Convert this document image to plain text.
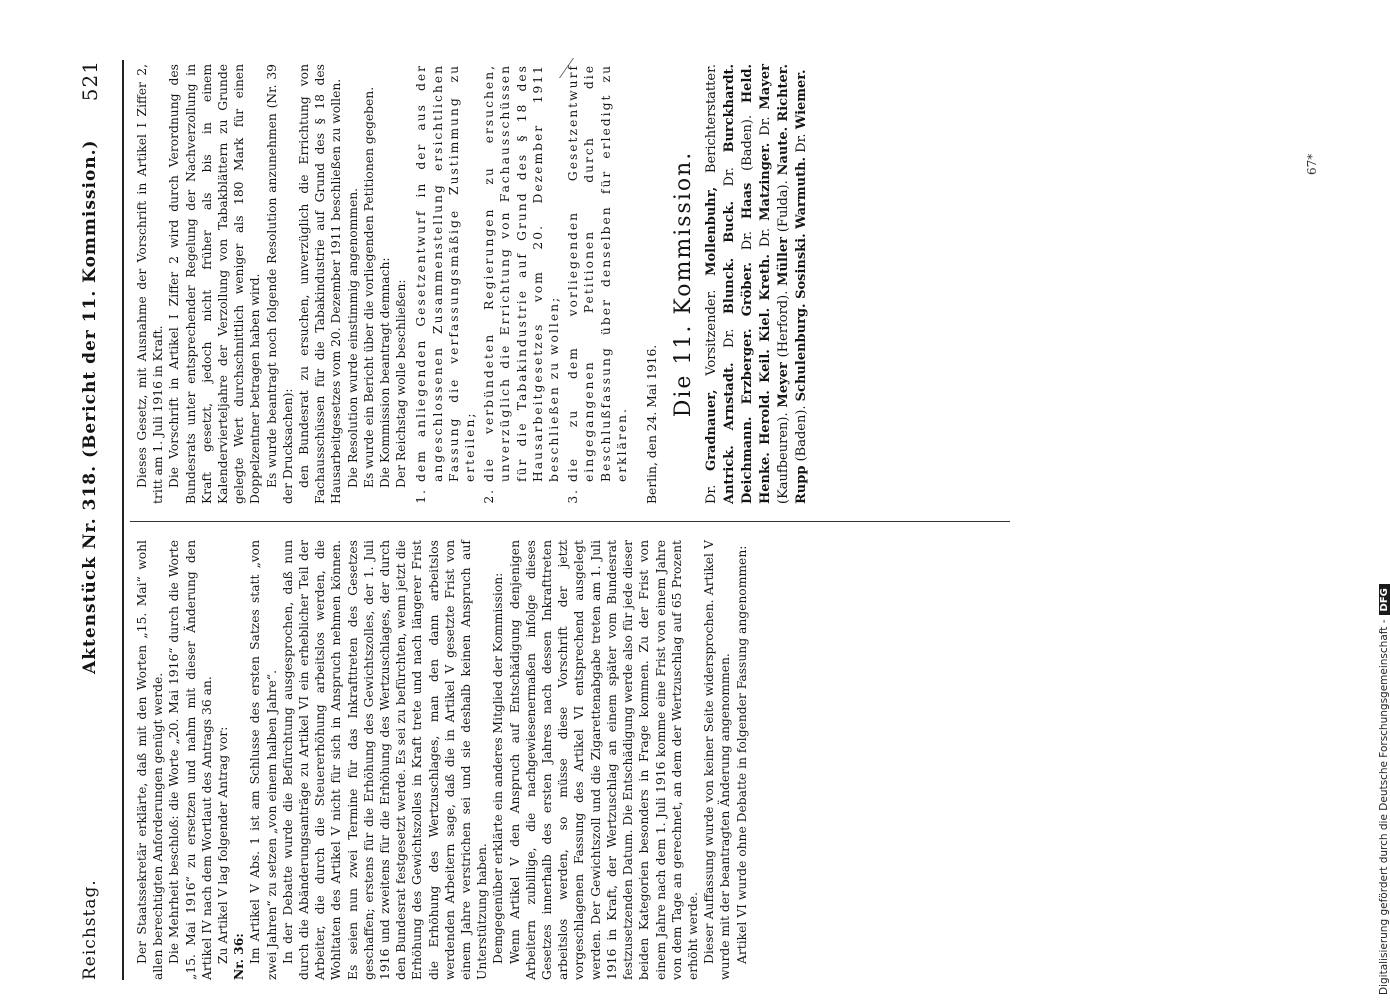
Reichstag.
Aktenstück Nr. 318. (Bericht der 11. Kommission.)
521

Der Staatssekretär erklärte, daß mit den Worten „15. Mai“ wohl allen berechtigten Anforderungen genügt werde. Die Mehrheit beschloß: die Worte „20. Mai 1916“ durch die Worte „15. Mai 1916“ zu ersetzen und nahm mit dieser Änderung den Artikel IV nach dem Wortlaut des Antrags 36 an. Zu Artikel V lag folgender Antrag vor: Nr. 36: Im Artikel V Abs. 1 ist am Schlusse des ersten Satzes statt „von zwei Jahren“ zu setzen „von einem halben Jahre“. In der Debatte wurde die Befürchtung ausgesprochen, daß nun durch die Abänderungsanträge zu Artikel VI ein erheblicher Teil der Arbeiter, die durch die Steuererhöhung arbeitslos werden, die Wohltaten des Artikel V nicht für sich in Anspruch nehmen können. Es seien nun zwei Termine für das Inkrafttreten des Gesetzes geschaffen; erstens für die Erhöhung des Gewichtszolles, der 1. Juli 1916 und zweitens für die Erhöhung des Wertzuschlages, der durch den Bundesrat festgesetzt werde. Es sei zu befürchten, wenn jetzt die Erhöhung des Gewichtszolles in Kraft trete und nach längerer Frist die Erhöhung des Wertzuschlages, man den dann arbeitslos werdenden Arbeitern sage, daß die in Artikel V gesetzte Frist von einem Jahre verstrichen sei und sie deshalb keinen Anspruch auf Unterstützung haben. Demgegenüber erklärte ein anderes Mitglied der Kommission: Wenn Artikel V den Anspruch auf Entschädigung denjenigen Arbeitern zubillige, die nachgewiesenermaßen infolge dieses Gesetzes innerhalb des ersten Jahres nach dessen Inkrafttreten arbeitslos werden, so müsse diese Vorschrift der jetzt vorgeschlagenen Fassung des Artikel VI entsprechend ausgelegt werden. Der Gewichtszoll und die Zigarettenabgabe treten am 1. Juli 1916 in Kraft, der Wertzuschlag an einem später vom Bundesrat festzusetzenden Datum. Die Entschädigung werde also für jede dieser beiden Kategorien besonders in Frage kommen. Zu der Frist von einem Jahre nach dem 1. Juli 1916 komme eine Frist von einem Jahre von dem Tage an gerechnet, an dem der Wertzuschlag auf 65 Prozent erhöht werde. Dieser Auffassung wurde von keiner Seite widersprochen. Artikel V wurde mit der beantragten Änderung angenommen. Artikel VI wurde ohne Debatte in folgender Fassung angenommen:

Dieses Gesetz, mit Ausnahme der Vorschrift in Artikel I Ziffer 2, tritt am 1. Juli 1916 in Kraft. Die Vorschrift in Artikel I Ziffer 2 wird durch Verordnung des Bundesrats unter entsprechender Regelung der Nachverzollung in Kraft gesetzt, jedoch nicht früher als bis in einem Kalendervierteljahre der Verzollung von Tabakblättern zu Grunde gelegte Wert durchschnittlich weniger als 180 Mark für einen Doppelzentner betragen haben wird. Es wurde beantragt noch folgende Resolution anzunehmen (Nr. 39 der Drucksachen): den Bundesrat zu ersuchen, unverzüglich die Errichtung von Fachausschüssen für die Tabakindustrie auf Grund des § 18 des Hausarbeitgesetzes vom 20. Dezember 1911 beschließen zu wollen. Die Resolution wurde einstimmig angenommen. Es wurde ein Bericht über die vorliegenden Petitionen gegeben. Die Kommission beantragt demnach: Der Reichstag wolle beschließen: 1. dem anliegenden Gesetzentwurf in der aus der angeschlossenen Zusammenstellung ersichtlichen Fassung die verfassungsmäßige Zustimmung zu erteilen; 2. die verbündeten Regierungen zu ersuchen, unverzüglich die Errichtung von Fachausschüssen für die Tabakindustrie auf Grund des § 18 des Hausarbeitgesetzes vom 20. Dezember 1911 beschließen zu wollen; 3. die zu dem vorliegenden Gesetzentwurf eingegangenen Petitionen durch die Beschlußfassung über denselben für erledigt zu erklären. Berlin, den 24. Mai 1916.

Die 11. Kommission.
Dr. Gradnauer, Vorsitzender. Mollenbuhr, Berichterstatter. Antrick. Arnstadt. Dr. Blunck. Buck. Dr. Burckhardt. Deichmann. Erzberger. Gröber. Dr. Haas (Baden). Held. Henke. Herold. Keil. Kiel. Kreth. Dr. Matzinger. Dr. Mayer (Kaufbeuren). Meyer (Herford). Müller (Fulda). Naute. Richter. Rupp (Baden). Schulenburg. Sosinski. Warmuth. Dr. Wiemer.
67*
Digitalisierung gefördert durch die Deutsche Forschungsgemeinschaft -DFG
